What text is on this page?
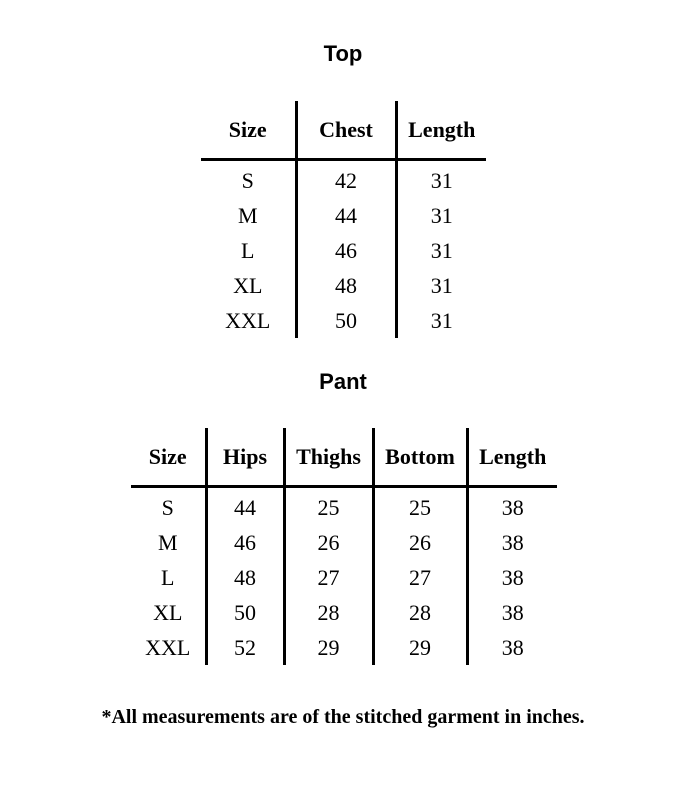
Top
Size	Chest	Length
S	42	31
M	44	31
L	46	31
XL	48	31
XXL	50	31
Pant
Size	Hips	Thighs	Bottom	Length
S	44	25	25	38
M	46	26	26	38
L	48	27	27	38
XL	50	28	28	38
XXL	52	29	29	38
*All measurements are of the stitched garment in inches.
